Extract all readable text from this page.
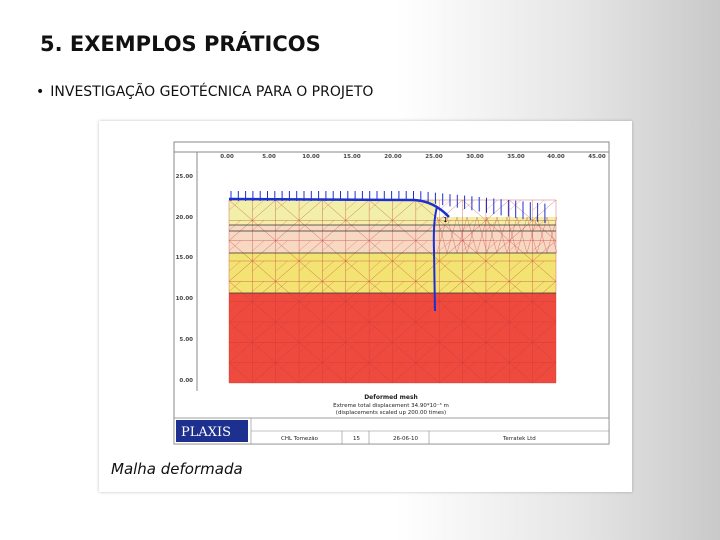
5. EXEMPLOS PRÁTICOS
• INVESTIGAÇÃO GEOTÉCNICA PARA O PROJETO
1
0.00	5.00	10.00	15.00	20.00	25.00	30.00	35.00	40.00	45.00
25.00
20.00
15.00
10.00
5.00
0.00
Deformed mesh
Extreme total displacement 34.90*10⁻³ m
(displacements scaled up 200.00 times)
PLAXIS	CHL Tomezão	15	26-06-10	Terratek Ltd
Malha deformada
